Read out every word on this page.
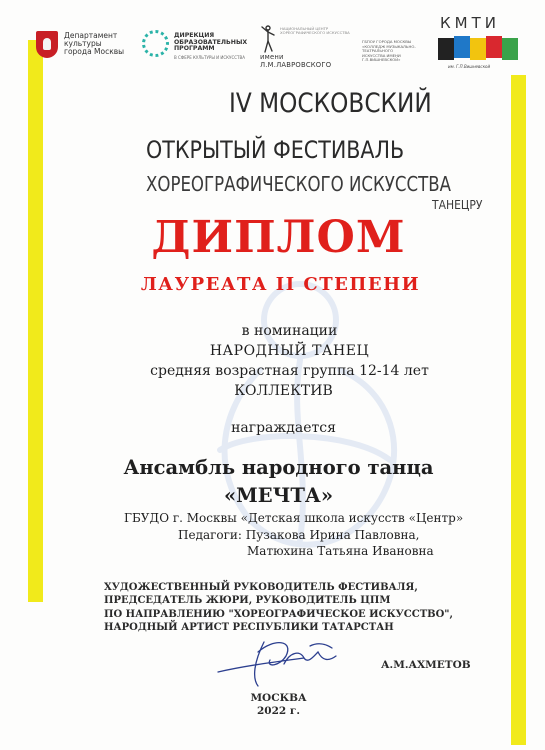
Департамент
культуры
города Москвы
ДИРЕКЦИЯ
ОБРАЗОВАТЕЛЬНЫХ
ПРОГРАММ
В СФЕРЕ КУЛЬТУРЫ И ИСКУССТВА
НАЦИОНАЛЬНЫЙ ЦЕНТР ХОРЕОГРАФИЧЕСКОГО ИСКУССТВА
имени Л.М.ЛАВРОВСКОГО
ГБПОУ ГОРОДА МОСКВЫ
«КОЛЛЕДЖ МУЗЫКАЛЬНО-ТЕАТРАЛЬНОГО
ИСКУССТВА ИМЕНИ Г.П.ВИШНЕВСКОЙ»
КМТИ
им. Г.П.Вишневской
IV МОСКОВСКИЙ
ОТКРЫТЫЙ ФЕСТИВАЛЬ
ХОРЕОГРАФИЧЕСКОГО ИСКУССТВА
ТАНЕЦРУ
ДИПЛОМ
ЛАУРЕАТА II СТЕПЕНИ
в номинации
НАРОДНЫЙ ТАНЕЦ
средняя возрастная группа 12-14 лет
КОЛЛЕКТИВ
награждается
Ансамбль народного танца
«МЕЧТА»
ГБУДО г. Москвы «Детская школа искусств «Центр»
Педагоги: Пузакова Ирина Павловна,
Матюхина Татьяна Ивановна
ХУДОЖЕСТВЕННЫЙ РУКОВОДИТЕЛЬ ФЕСТИВАЛЯ,
ПРЕДСЕДАТЕЛЬ ЖЮРИ, РУКОВОДИТЕЛЬ ЦПМ
ПО НАПРАВЛЕНИЮ "ХОРЕОГРАФИЧЕСКОЕ ИСКУССТВО",
НАРОДНЫЙ АРТИСТ РЕСПУБЛИКИ ТАТАРСТАН
А.М.АХМЕТОВ
МОСКВА
2022 г.
